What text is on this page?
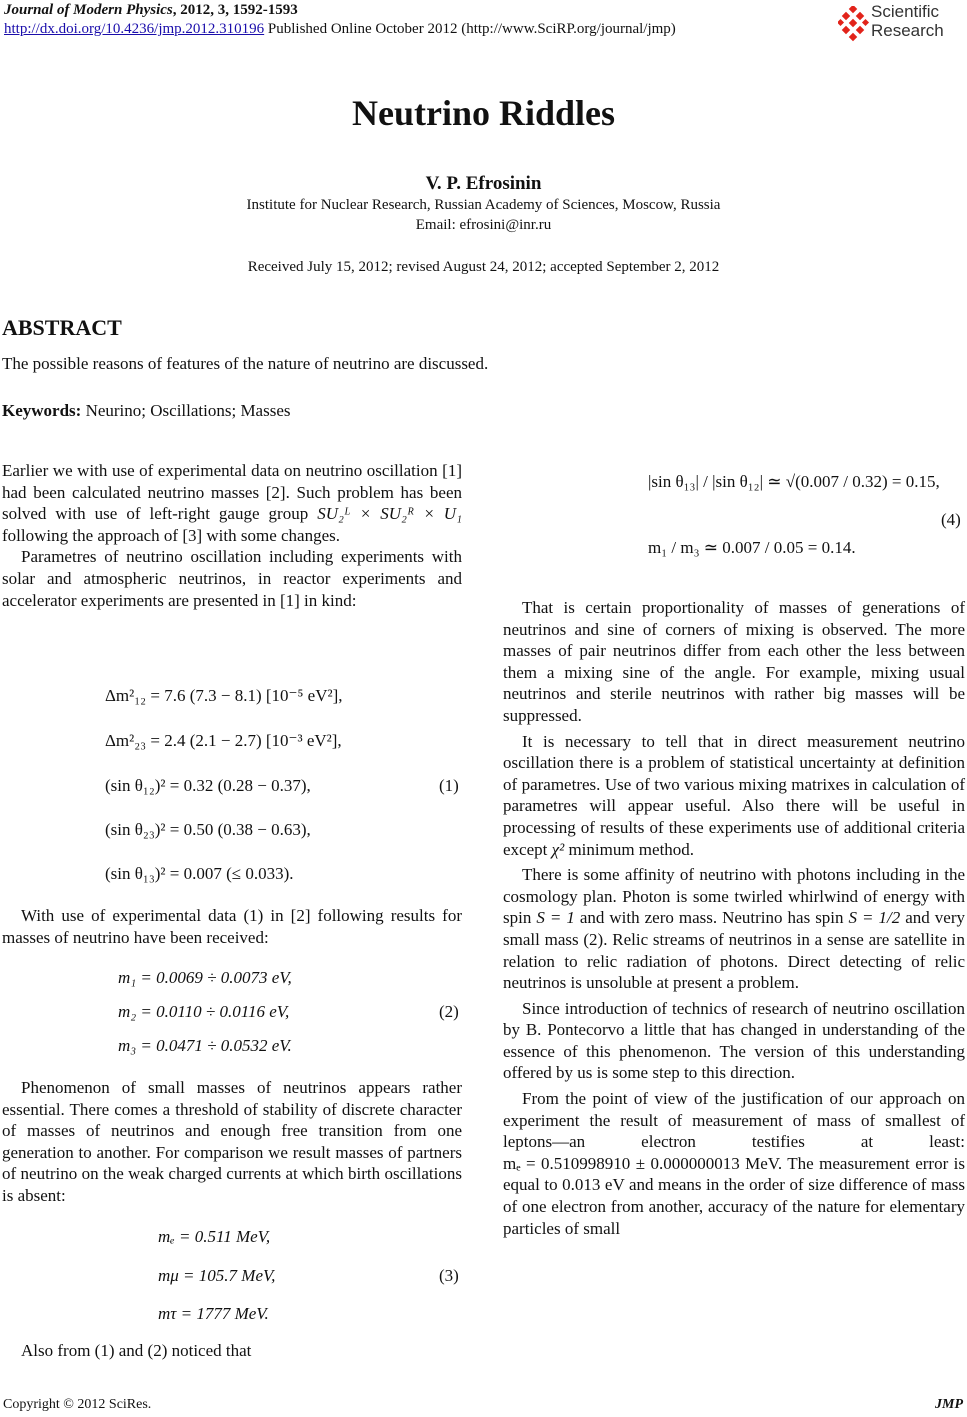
Journal of Modern Physics, 2012, 3, 1592-1593
http://dx.doi.org/10.4236/jmp.2012.310196 Published Online October 2012 (http://www.SciRP.org/journal/jmp)
Scientific
Research
Neutrino Riddles
V. P. Efrosinin
Institute for Nuclear Research, Russian Academy of Sciences, Moscow, Russia
Email: efrosini@inr.ru
Received July 15, 2012; revised August 24, 2012; accepted September 2, 2012
ABSTRACT
The possible reasons of features of the nature of neutrino are discussed.
Keywords: Neurino; Oscillations; Masses

Earlier we with use of experimental data on neutrino oscillation [1] had been calculated neutrino masses [2]. Such problem has been solved with use of left-right gauge group SU₂ᴸ × SU₂ᴿ × U₁ following the approach of [3] with some changes.

Parametres of neutrino oscillation including experiments with solar and atmospheric neutrinos, in reactor experiments and accelerator experiments are presented in [1] in kind:

Δm²₁₂ = 7.6 (7.3 − 8.1) [10⁻⁵ eV²],
Δm²₂₃ = 2.4 (2.1 − 2.7) [10⁻³ eV²],
(sin θ₁₂)² = 0.32 (0.28 − 0.37),
(sin θ₂₃)² = 0.50 (0.38 − 0.63),
(sin θ₁₃)² = 0.007 (≤ 0.033).
(1)

With use of experimental data (1) in [2] following results for masses of neutrino have been received:

m₁ = 0.0069 ÷ 0.0073 eV,
m₂ = 0.0110 ÷ 0.0116 eV,
m₃ = 0.0471 ÷ 0.0532 eV.
(2)

Phenomenon of small masses of neutrinos appears rather essential. There comes a threshold of stability of discrete character of masses of neutrinos and enough free transition from one generation to another. For comparison we result masses of partners of neutrino on the weak charged currents at which birth oscillations is absent:

mₑ = 0.511 MeV,
mμ = 105.7 MeV,
mτ = 1777 MeV.
(3)

Also from (1) and (2) noticed that

|sin θ₁₃| / |sin θ₁₂| ≃ √(0.007 / 0.32) = 0.15,
m₁ / m₃ ≃ 0.007 / 0.05 = 0.14.
(4)

That is certain proportionality of masses of generations of neutrinos and sine of corners of mixing is observed. The more masses of pair neutrinos differ from each other the less between them a mixing sine of the angle. For example, mixing usual neutrinos and sterile neutrinos with rather big masses will be suppressed.

It is necessary to tell that in direct measurement neutrino oscillation there is a problem of statistical uncertainty at definition of parametres. Use of two various mixing matrixes in calculation of parametres will appear useful. Also there will be useful in processing of results of these experiments use of additional criteria except χ² minimum method.

There is some affinity of neutrino with photons including in the cosmology plan. Photon is some twirled whirlwind of energy with spin S = 1 and with zero mass. Neutrino has spin S = 1/2 and very small mass (2). Relic streams of neutrinos in a sense are satellite in relation to relic radiation of photons. Direct detecting of relic neutrinos is unsoluble at present a problem.

Since introduction of technics of research of neutrino oscillation by B. Pontecorvo a little that has changed in understanding of the essence of this phenomenon. The version of this understanding offered by us is some step to this direction.

From the point of view of the justification of our approach on experiment the result of measurement of mass of smallest of leptons—an electron testifies at least: mₑ = 0.510998910 ± 0.000000013 MeV. The measurement error is equal to 0.013 eV and means in the order of size difference of mass of one electron from another, accuracy of the nature for elementary particles of small

Copyright © 2012 SciRes.	JMP
